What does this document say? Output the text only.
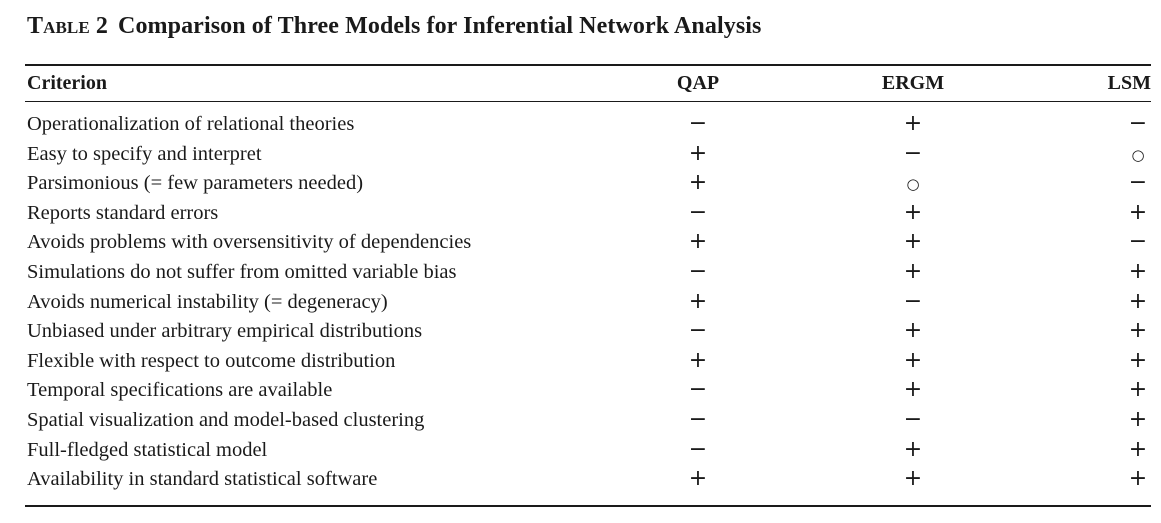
Table 2 Comparison of Three Models for Inferential Network Analysis
Criterion	QAP	ERGM	LSM
Operationalization of relational theories	−	+	−
Easy to specify and interpret	+	−	○
Parsimonious (= few parameters needed)	+	○	−
Reports standard errors	−	+	+
Avoids problems with oversensitivity of dependencies	+	+	−
Simulations do not suffer from omitted variable bias	−	+	+
Avoids numerical instability (= degeneracy)	+	−	+
Unbiased under arbitrary empirical distributions	−	+	+
Flexible with respect to outcome distribution	+	+	+
Temporal specifications are available	−	+	+
Spatial visualization and model-based clustering	−	−	+
Full-fledged statistical model	−	+	+
Availability in standard statistical software	+	+	+
